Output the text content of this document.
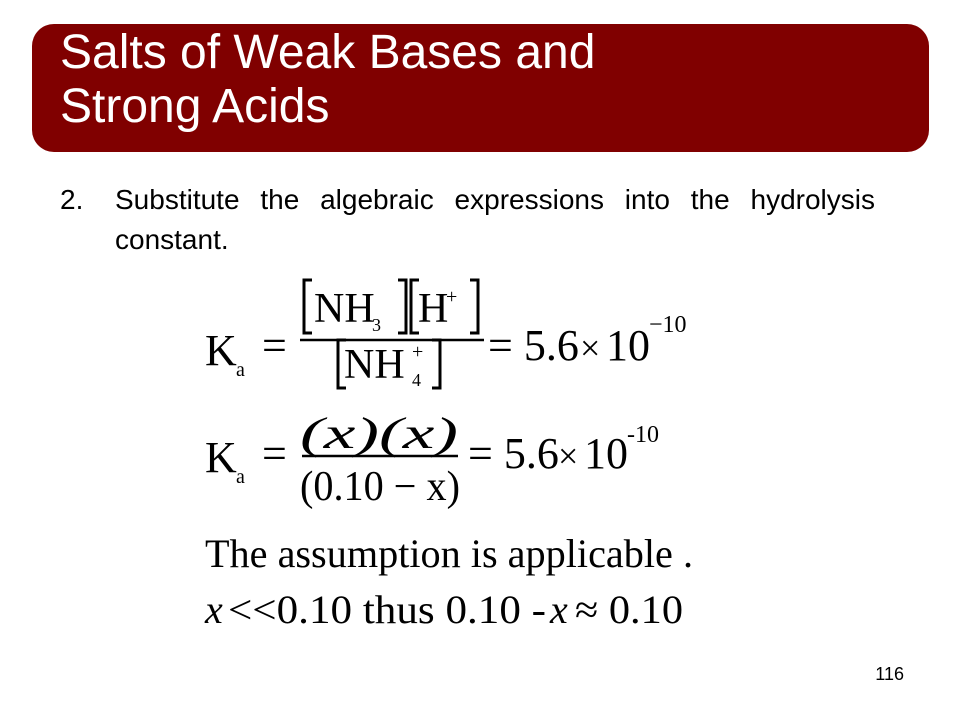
Salts of Weak Bases and
Strong Acids
2. Substitute the algebraic expressions into the hydrolysis constant.
K a =
NH
3 H
+
NH 4
+ = 5.6 × 10 −10
K a = (x)(x)
(0.10 − x)
= 5.6 × 10 -10
The assumption is applicable .
x <<0.10 thus 0.10 - x ≈ 0.10
116
